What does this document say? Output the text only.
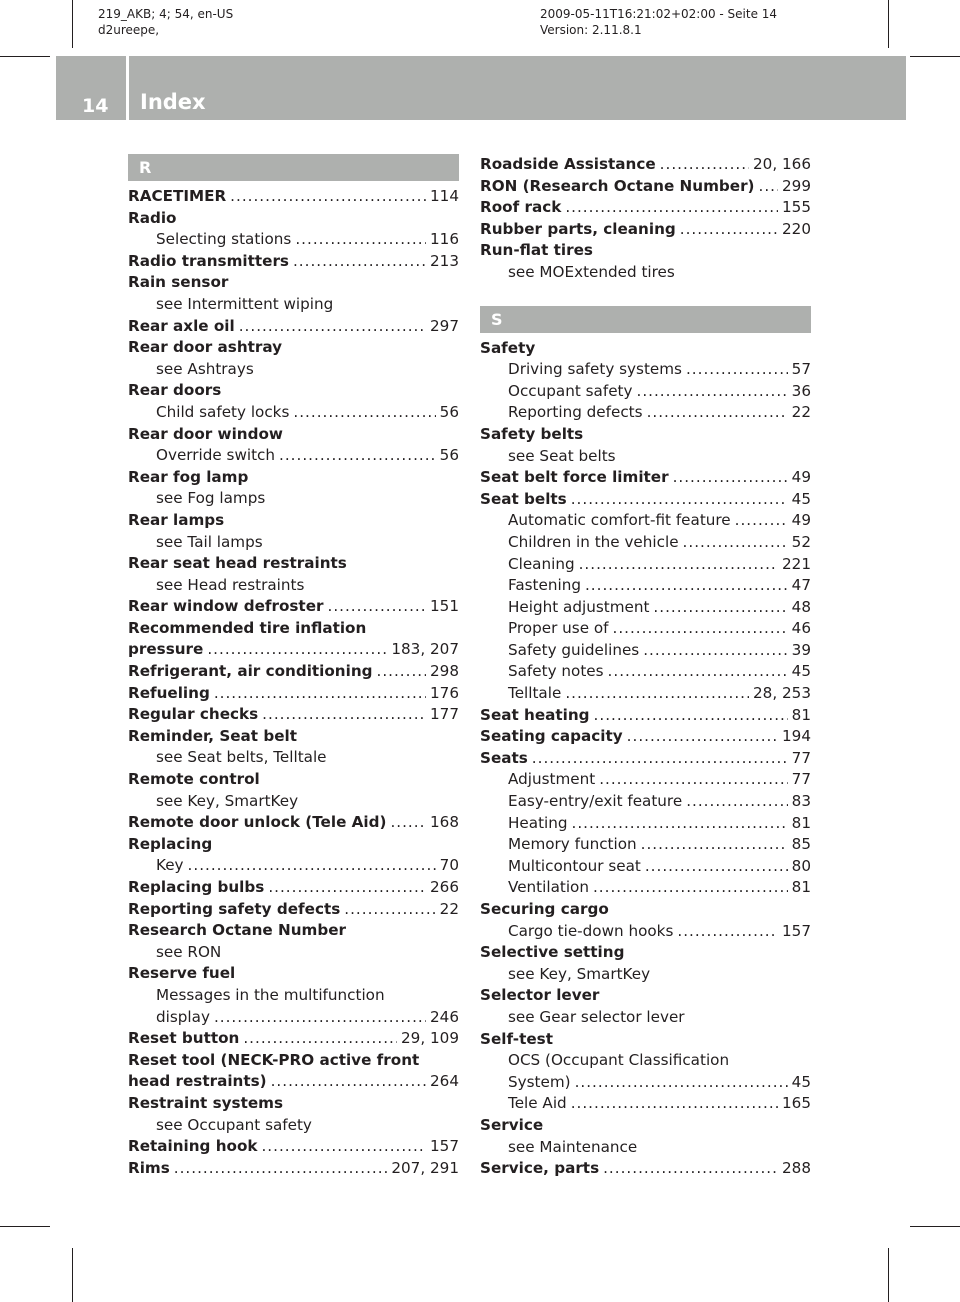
219_AKB; 4; 54, en-US
d2ureepe,
2009-05-11T16:21:02+02:00 - Seite 14
Version: 2.11.8.1
14 Index
R
RACETIMER .....	114
Radio
Selecting stations .....	116
Radio transmitters .....	213
Rain sensor
see Intermittent wiping
Rear axle oil .....	297
Rear door ashtray
see Ashtrays
Rear doors
Child safety locks .....	56
Rear door window
Override switch .....	56
Rear fog lamp
see Fog lamps
Rear lamps
see Tail lamps
Rear seat head restraints
see Head restraints
Rear window defroster .....	151
Recommended tire inflation
pressure .....	183, 207
Refrigerant, air conditioning .....	298
Refueling .....	176
Regular checks .....	177
Reminder, Seat belt
see Seat belts, Telltale
Remote control
see Key, SmartKey
Remote door unlock (Tele Aid) .....	168
Replacing
Key .....	70
Replacing bulbs .....	266
Reporting safety defects .....	22
Research Octane Number
see RON
Reserve fuel
Messages in the multifunction
display .....	246
Reset button .....	29, 109
Reset tool (NECK-PRO active front
head restraints) .....	264
Restraint systems
see Occupant safety
Retaining hook .....	157
Rims .....	207, 291
Roadside Assistance .....	20, 166
RON (Research Octane Number) ..... 299
Roof rack .....	155
Rubber parts, cleaning .....	220
Run-flat tires
see MOExtended tires
S
Safety
Driving safety systems .....	57
Occupant safety .....	36
Reporting defects .....	22
Safety belts
see Seat belts
Seat belt force limiter .....	49
Seat belts .....	45
Automatic comfort-fit feature .....	49
Children in the vehicle .....	52
Cleaning .....	221
Fastening .....	47
Height adjustment .....	48
Proper use of .....	46
Safety guidelines .....	39
Safety notes .....	45
Telltale .....	28, 253
Seat heating .....	81
Seating capacity .....	194
Seats .....	77
Adjustment .....	77
Easy-entry/exit feature .....	83
Heating .....	81
Memory function .....	85
Multicontour seat .....	80
Ventilation .....	81
Securing cargo
Cargo tie-down hooks .....	157
Selective setting
see Key, SmartKey
Selector lever
see Gear selector lever
Self-test
OCS (Occupant Classification
System) .....	45
Tele Aid .....	165
Service
see Maintenance
Service, parts .....	288
